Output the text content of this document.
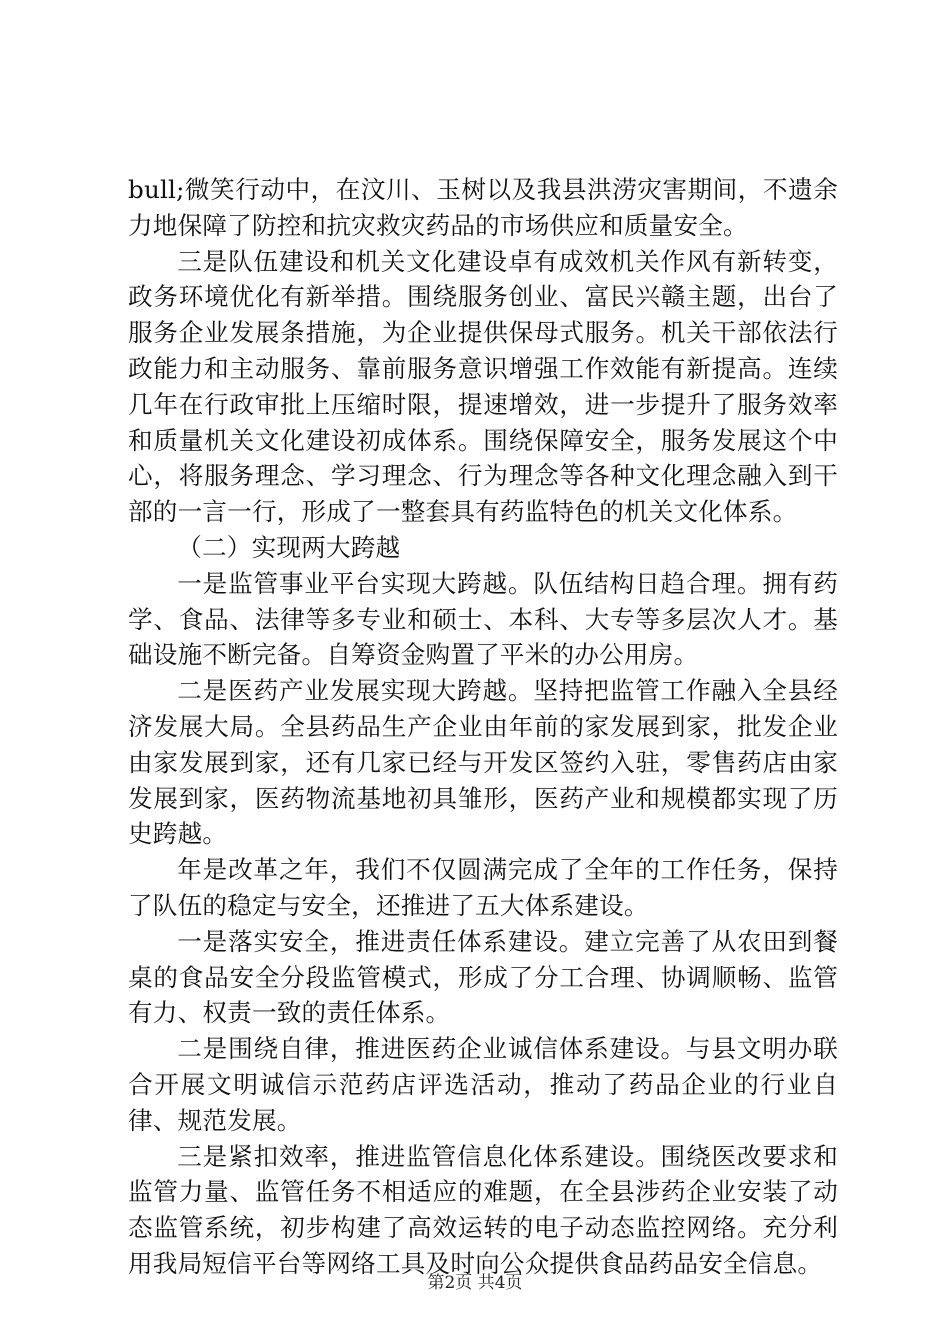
bull;微笑行动中，在汶川、玉树以及我县洪涝灾害期间，不遗余力地保障了防控和抗灾救灾药品的市场供应和质量安全。

三是队伍建设和机关文化建设卓有成效机关作风有新转变，政务环境优化有新举措。围绕服务创业、富民兴赣主题，出台了服务企业发展条措施，为企业提供保母式服务。机关干部依法行政能力和主动服务、靠前服务意识增强工作效能有新提高。连续几年在行政审批上压缩时限，提速增效，进一步提升了服务效率和质量机关文化建设初成体系。围绕保障安全，服务发展这个中心，将服务理念、学习理念、行为理念等各种文化理念融入到干部的一言一行，形成了一整套具有药监特色的机关文化体系。

（二）实现两大跨越

一是监管事业平台实现大跨越。队伍结构日趋合理。拥有药学、食品、法律等多专业和硕士、本科、大专等多层次人才。基础设施不断完备。自筹资金购置了平米的办公用房。

二是医药产业发展实现大跨越。坚持把监管工作融入全县经济发展大局。全县药品生产企业由年前的家发展到家，批发企业由家发展到家，还有几家已经与开发区签约入驻，零售药店由家发展到家，医药物流基地初具雏形，医药产业和规模都实现了历史跨越。

年是改革之年，我们不仅圆满完成了全年的工作任务，保持了队伍的稳定与安全，还推进了五大体系建设。

一是落实安全，推进责任体系建设。建立完善了从农田到餐桌的食品安全分段监管模式，形成了分工合理、协调顺畅、监管有力、权责一致的责任体系。

二是围绕自律，推进医药企业诚信体系建设。与县文明办联合开展文明诚信示范药店评选活动，推动了药品企业的行业自律、规范发展。

三是紧扣效率，推进监管信息化体系建设。围绕医改要求和监管力量、监管任务不相适应的难题，在全县涉药企业安装了动态监管系统，初步构建了高效运转的电子动态监控网络。充分利用我局短信平台等网络工具及时向公众提供食品药品安全信息。

第2页 共4页
